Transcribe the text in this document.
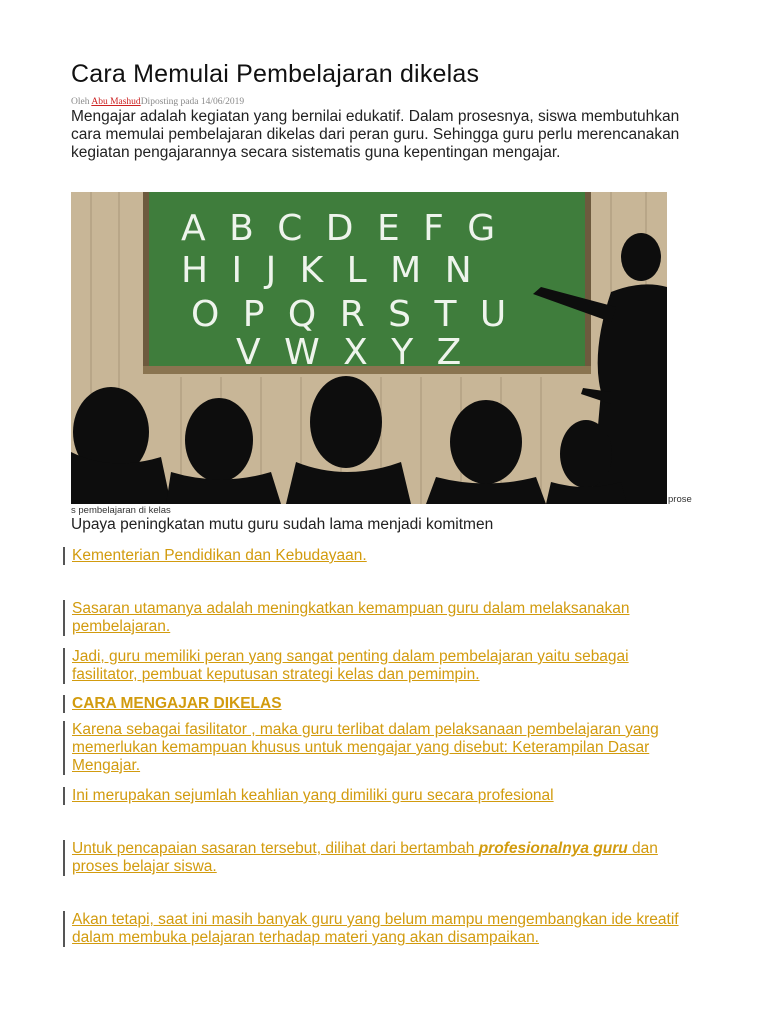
Cara Memulai Pembelajaran dikelas
Oleh Abu MashudDiposting pada 14/06/2019

Mengajar adalah kegiatan yang bernilai edukatif. Dalam prosesnya, siswa membutuhkan cara memulai pembelajaran dikelas dari peran guru. Sehingga guru perlu merencanakan kegiatan pengajarannya secara sistematis guna kepentingan mengajar.

A B C D E F G
H I J K L M N
O P Q R S T U
V W X Y Z
prose
s pembelajaran di kelas
Upaya peningkatan mutu guru sudah lama menjadi komitmen
Kementerian Pendidikan dan Kebudayaan.
Sasaran utamanya adalah meningkatkan kemampuan guru dalam melaksanakan pembelajaran.
Jadi, guru memiliki peran yang sangat penting dalam pembelajaran yaitu sebagai fasilitator, pembuat keputusan strategi kelas dan pemimpin.
CARA MENGAJAR DIKELAS
Karena sebagai fasilitator , maka guru terlibat dalam pelaksanaan pembelajaran yang memerlukan kemampuan khusus untuk mengajar yang disebut: Keterampilan Dasar Mengajar.
Ini merupakan sejumlah keahlian yang dimiliki guru secara profesional
Untuk pencapaian sasaran tersebut, dilihat dari bertambah profesionalnya guru dan proses belajar siswa.
Akan tetapi, saat ini masih banyak guru yang belum mampu mengembangkan ide kreatif dalam membuka pelajaran terhadap materi yang akan disampaikan.
